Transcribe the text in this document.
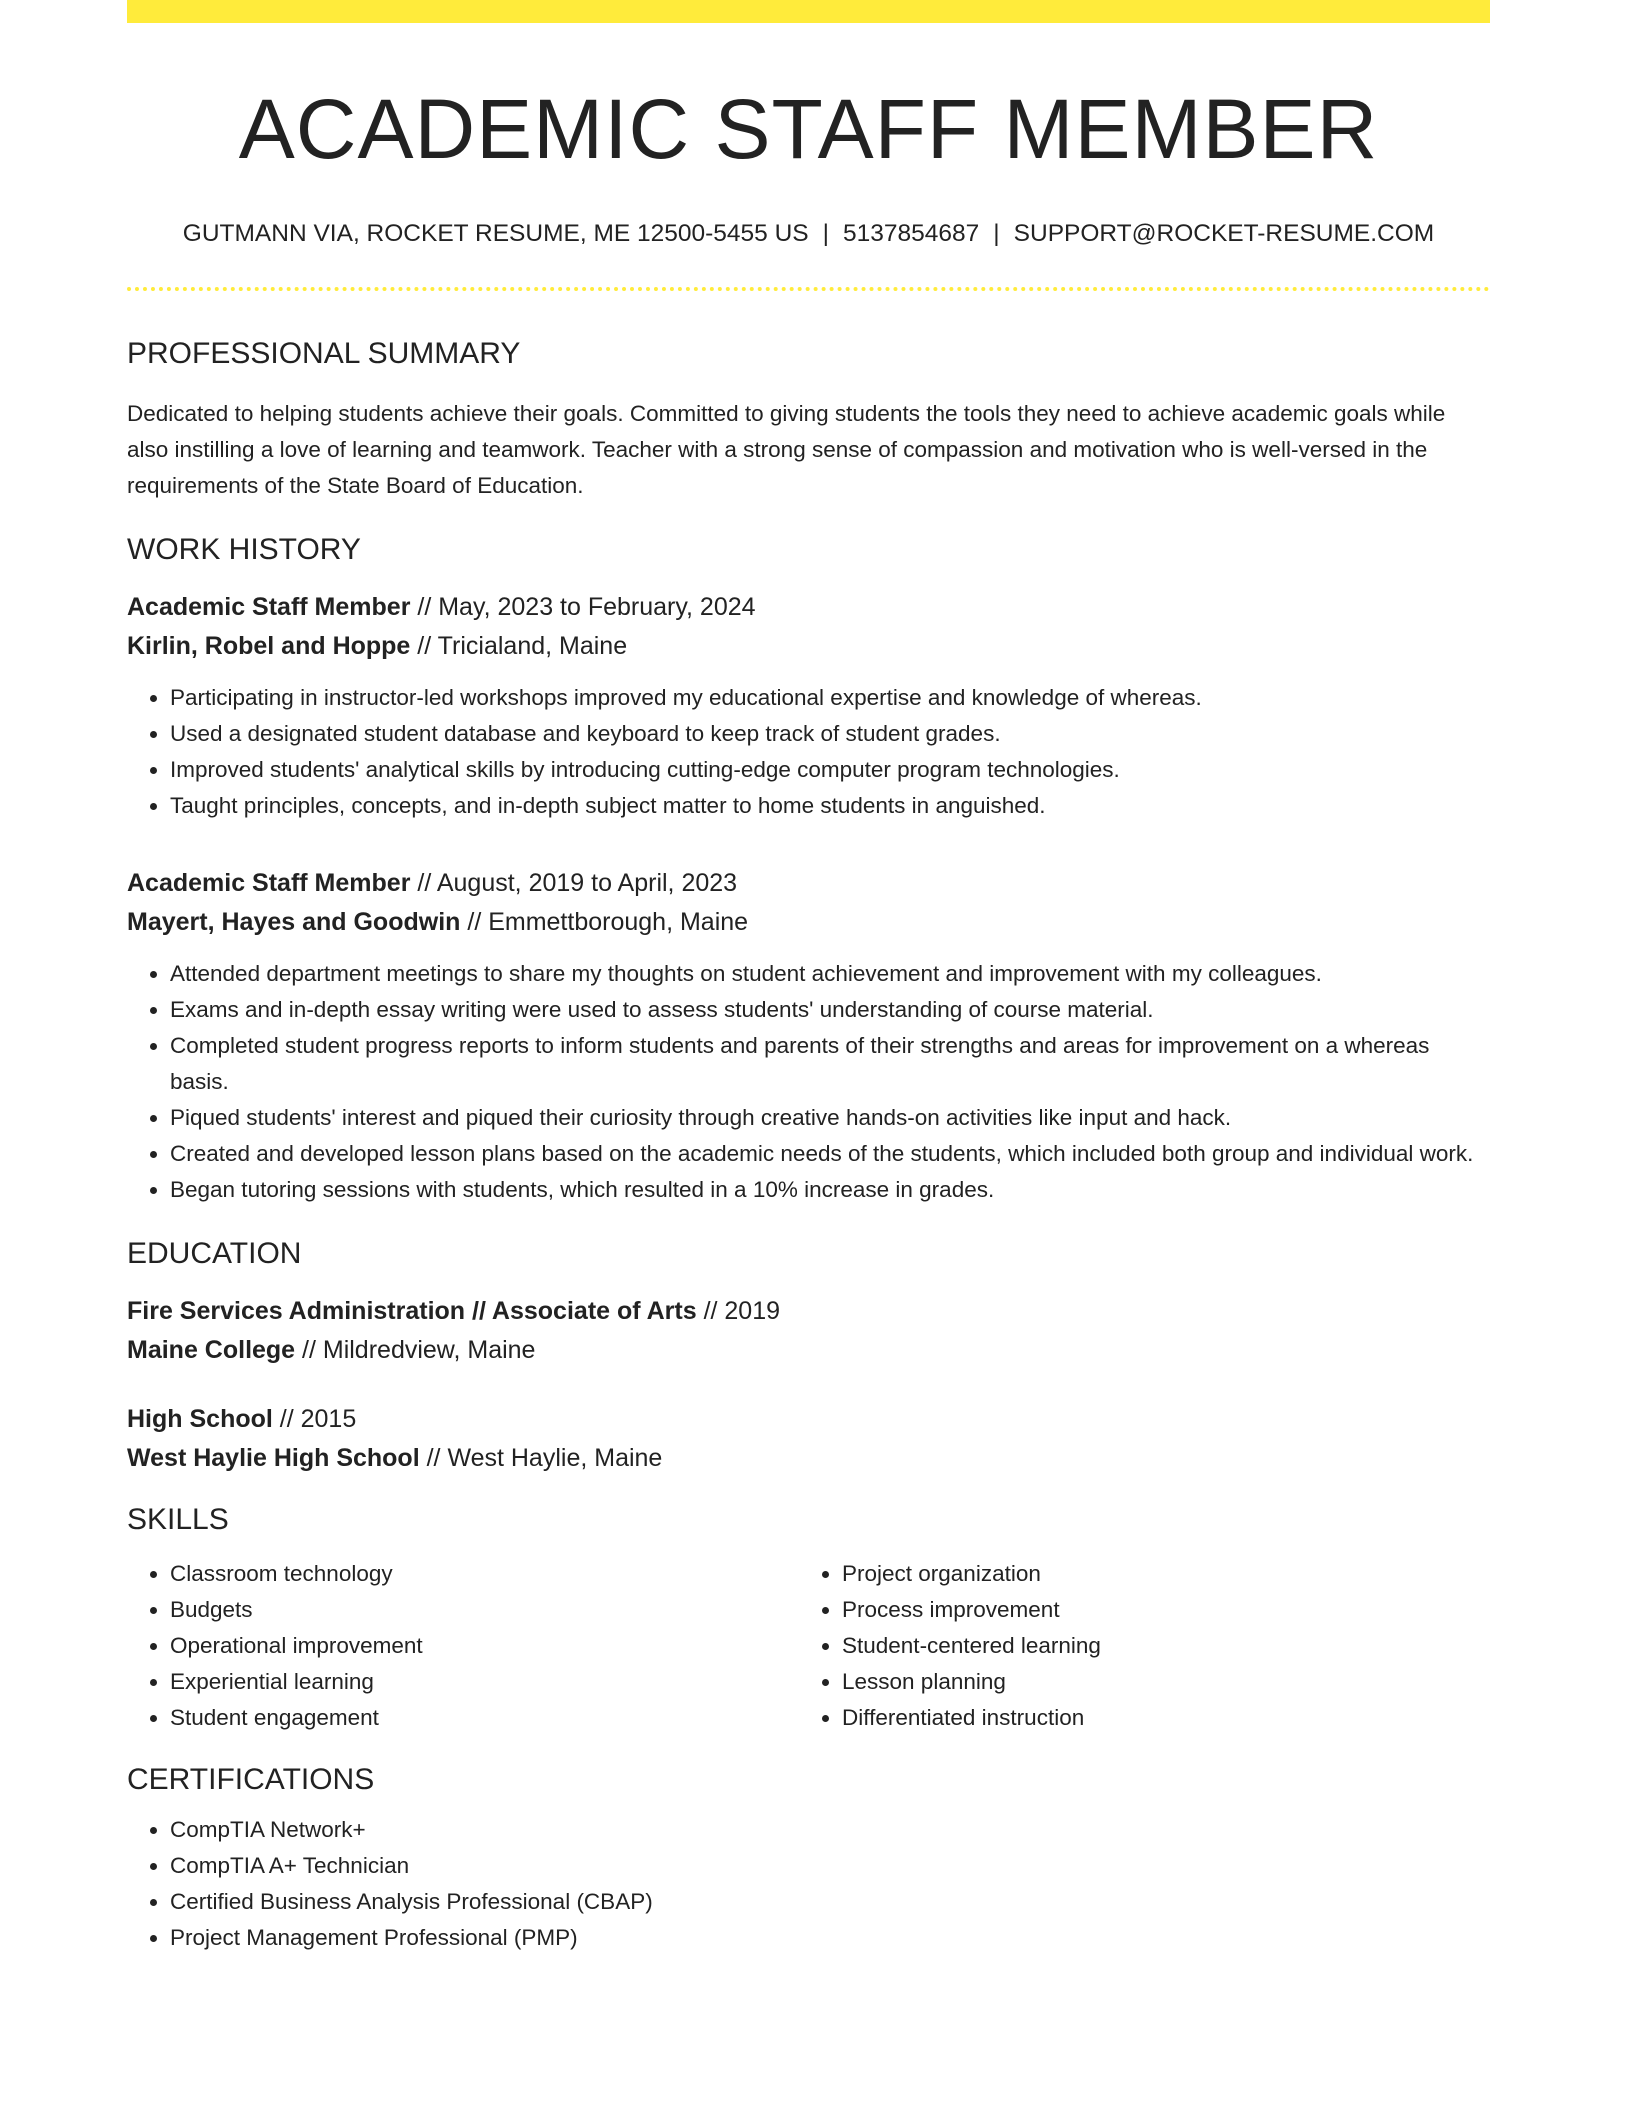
ACADEMIC STAFF MEMBER
GUTMANN VIA, ROCKET RESUME, ME 12500-5455 US | 5137854687 | SUPPORT@ROCKET-RESUME.COM
PROFESSIONAL SUMMARY

Dedicated to helping students achieve their goals. Committed to giving students the tools they need to achieve academic goals while also instilling a love of learning and teamwork. Teacher with a strong sense of compassion and motivation who is well-versed in the requirements of the State Board of Education.

WORK HISTORY
Academic Staff Member // May, 2023 to February, 2024
Kirlin, Robel and Hoppe // Tricialand, Maine
• Participating in instructor-led workshops improved my educational expertise and knowledge of whereas.
• Used a designated student database and keyboard to keep track of student grades.
• Improved students' analytical skills by introducing cutting-edge computer program technologies.
• Taught principles, concepts, and in-depth subject matter to home students in anguished.
Academic Staff Member // August, 2019 to April, 2023
Mayert, Hayes and Goodwin // Emmettborough, Maine
• Attended department meetings to share my thoughts on student achievement and improvement with my colleagues.
• Exams and in-depth essay writing were used to assess students' understanding of course material.
• Completed student progress reports to inform students and parents of their strengths and areas for improvement on a whereas basis.
• Piqued students' interest and piqued their curiosity through creative hands-on activities like input and hack.
• Created and developed lesson plans based on the academic needs of the students, which included both group and individual work.
• Began tutoring sessions with students, which resulted in a 10% increase in grades.
EDUCATION
Fire Services Administration // Associate of Arts // 2019
Maine College // Mildredview, Maine
High School // 2015
West Haylie High School // West Haylie, Maine
SKILLS
• Classroom technology
• Budgets
• Operational improvement
• Experiential learning
• Student engagement
• Project organization
• Process improvement
• Student-centered learning
• Lesson planning
• Differentiated instruction
CERTIFICATIONS
• CompTIA Network+
• CompTIA A+ Technician
• Certified Business Analysis Professional (CBAP)
• Project Management Professional (PMP)
